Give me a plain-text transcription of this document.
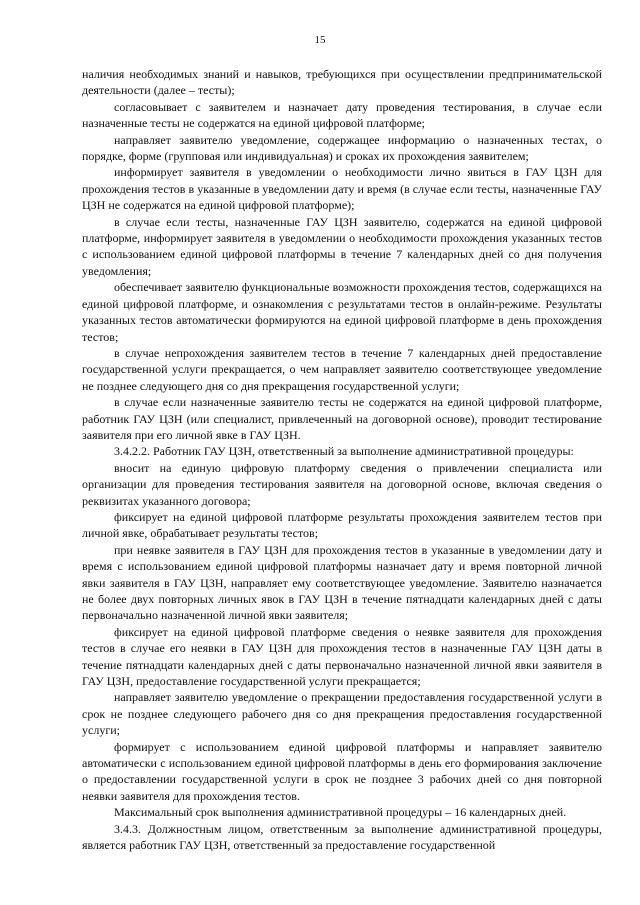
15

наличия необходимых знаний и навыков, требующихся при осуществлении предпринимательской деятельности (далее – тесты);

согласовывает с заявителем и назначает дату проведения тестирования, в случае если назначенные тесты не содержатся на единой цифровой платформе;

направляет заявителю уведомление, содержащее информацию о назначенных тестах, о порядке, форме (групповая или индивидуальная) и сроках их прохождения заявителем;

информирует заявителя в уведомлении о необходимости лично явиться в ГАУ ЦЗН для прохождения тестов в указанные в уведомлении дату и время (в случае если тесты, назначенные ГАУ ЦЗН не содержатся на единой цифровой платформе);

в случае если тесты, назначенные ГАУ ЦЗН заявителю, содержатся на единой цифровой платформе, информирует заявителя в уведомлении о необходимости прохождения указанных тестов с использованием единой цифровой платформы в течение 7 календарных дней со дня получения уведомления;

обеспечивает заявителю функциональные возможности прохождения тестов, содержащихся на единой цифровой платформе, и ознакомления с результатами тестов в онлайн-режиме. Результаты указанных тестов автоматически формируются на единой цифровой платформе в день прохождения тестов;

в случае непрохождения заявителем тестов в течение 7 календарных дней предоставление государственной услуги прекращается, о чем направляет заявителю соответствующее уведомление не позднее следующего дня со дня прекращения государственной услуги;

в случае если назначенные заявителю тесты не содержатся на единой цифровой платформе, работник ГАУ ЦЗН (или специалист, привлеченный на договорной основе), проводит тестирование заявителя при его личной явке в ГАУ ЦЗН.

3.4.2.2. Работник ГАУ ЦЗН, ответственный за выполнение административной процедуры:

вносит на единую цифровую платформу сведения о привлечении специалиста или организации для проведения тестирования заявителя на договорной основе, включая сведения о реквизитах указанного договора;

фиксирует на единой цифровой платформе результаты прохождения заявителем тестов при личной явке, обрабатывает результаты тестов;

при неявке заявителя в ГАУ ЦЗН для прохождения тестов в указанные в уведомлении дату и время с использованием единой цифровой платформы назначает дату и время повторной личной явки заявителя в ГАУ ЦЗН, направляет ему соответствующее уведомление. Заявителю назначается не более двух повторных личных явок в ГАУ ЦЗН в течение пятнадцати календарных дней с даты первоначально назначенной личной явки заявителя;

фиксирует на единой цифровой платформе сведения о неявке заявителя для прохождения тестов в случае его неявки в ГАУ ЦЗН для прохождения тестов в назначенные ГАУ ЦЗН даты в течение пятнадцати календарных дней с даты первоначально назначенной личной явки заявителя в ГАУ ЦЗН, предоставление государственной услуги прекращается;

направляет заявителю уведомление о прекращении предоставления государственной услуги в срок не позднее следующего рабочего дня со дня прекращения предоставления государственной услуги;

формирует с использованием единой цифровой платформы и направляет заявителю автоматически с использованием единой цифровой платформы в день его формирования заключение о предоставлении государственной услуги в срок не позднее 3 рабочих дней со дня повторной неявки заявителя для прохождения тестов.

Максимальный срок выполнения административной процедуры – 16 календарных дней.

3.4.3. Должностным лицом, ответственным за выполнение административной процедуры, является работник ГАУ ЦЗН, ответственный за предоставление государственной
